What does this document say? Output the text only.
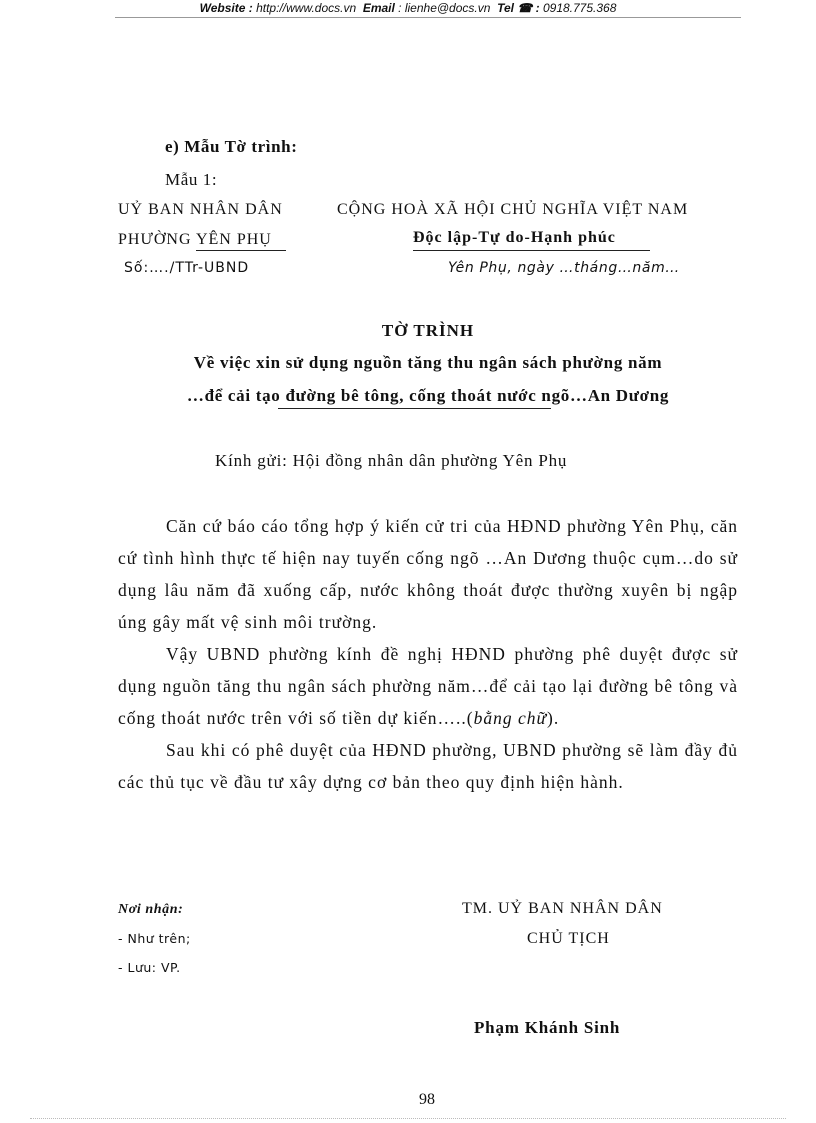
Website : http://www.docs.vn Email : lienhe@docs.vn Tel ☎ : 0918.775.368
e) Mẫu Tờ trình:
Mẫu 1:
UỶ BAN NHÂN DÂN
PHƯỜNG YÊN PHỤ
Số:…./TTr-UBND
CỘNG HOÀ XÃ HỘI CHỦ NGHĨA VIỆT NAM
Độc lập-Tự do-Hạnh phúc
Yên Phụ, ngày …tháng…năm…
TỜ TRÌNH
Về việc xin sử dụng nguồn tăng thu ngân sách phường năm
…để cải tạo đường bê tông, cống thoát nước ngõ…An Dương
Kính gửi: Hội đồng nhân dân phường Yên Phụ

Căn cứ báo cáo tổng hợp ý kiến cử tri của HĐND phường Yên Phụ, căn cứ tình hình thực tế hiện nay tuyến cống ngõ …An Dương thuộc cụm…do sử dụng lâu năm đã xuống cấp, nước không thoát được thường xuyên bị ngập úng gây mất vệ sinh môi trường.

Vậy UBND phường kính đề nghị HĐND phường phê duyệt được sử dụng nguồn tăng thu ngân sách phường năm…để cải tạo lại đường bê tông và cống thoát nước trên với số tiền dự kiến…..(bằng chữ).

Sau khi có phê duyệt của HĐND phường, UBND phường sẽ làm đầy đủ các thủ tục về đầu tư xây dựng cơ bản theo quy định hiện hành.

Nơi nhận:
- Như trên;
- Lưu: VP.
TM. UỶ BAN NHÂN DÂN
CHỦ TỊCH
Phạm Khánh Sinh
98
